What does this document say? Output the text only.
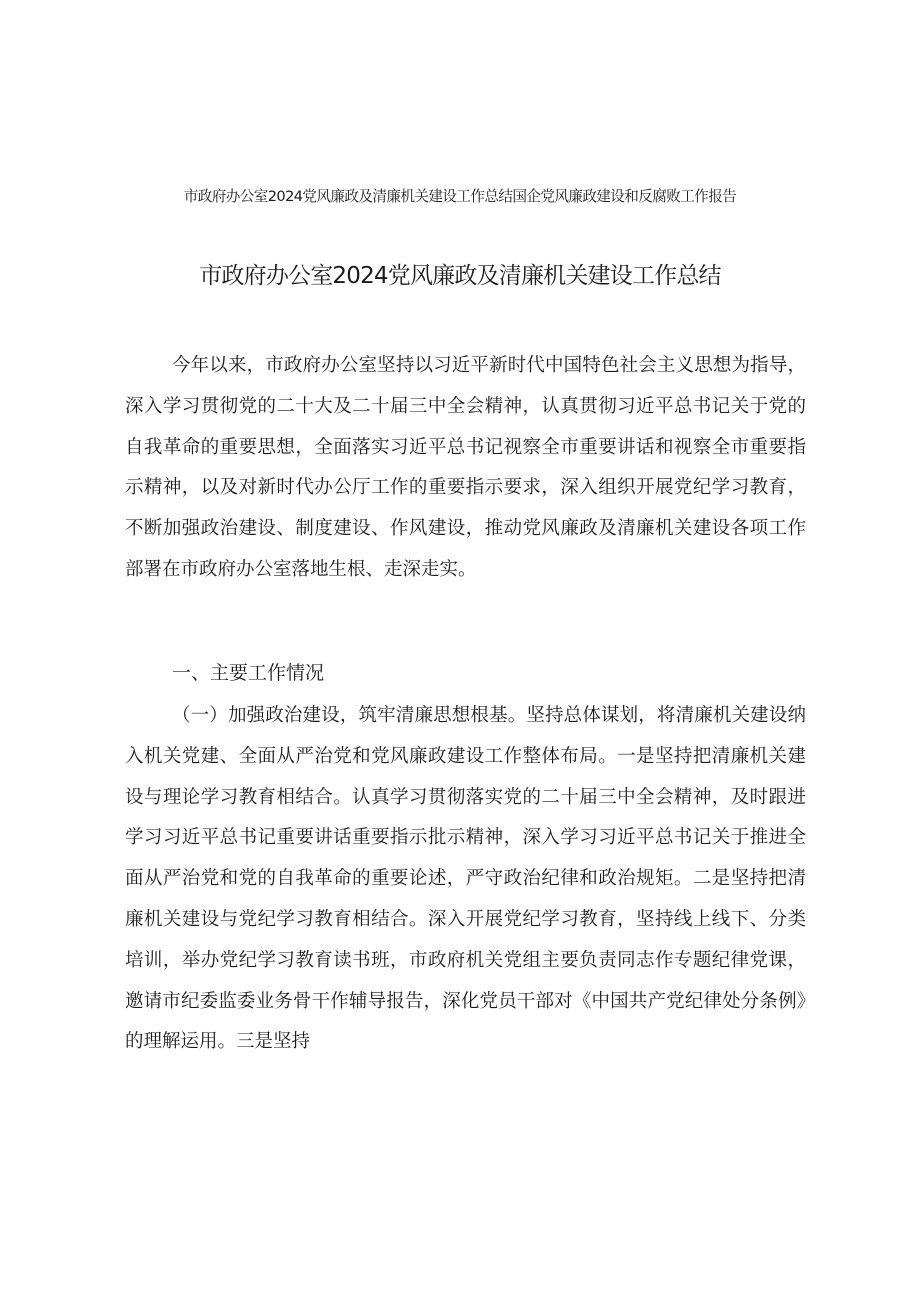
市政府办公室2024党风廉政及清廉机关建设工作总结国企党风廉政建设和反腐败工作报告
市政府办公室2024党风廉政及清廉机关建设工作总结

今年以来，市政府办公室坚持以习近平新时代中国特色社会主义思想为指导，深入学习贯彻党的二十大及二十届三中全会精神，认真贯彻习近平总书记关于党的自我革命的重要思想，全面落实习近平总书记视察全市重要讲话和视察全市重要指示精神，以及对新时代办公厅工作的重要指示要求，深入组织开展党纪学习教育，不断加强政治建设、制度建设、作风建设，推动党风廉政及清廉机关建设各项工作部署在市政府办公室落地生根、走深走实。

一、主要工作情况

（一）加强政治建设，筑牢清廉思想根基。坚持总体谋划，将清廉机关建设纳入机关党建、全面从严治党和党风廉政建设工作整体布局。一是坚持把清廉机关建设与理论学习教育相结合。认真学习贯彻落实党的二十届三中全会精神，及时跟进学习习近平总书记重要讲话重要指示批示精神，深入学习习近平总书记关于推进全面从严治党和党的自我革命的重要论述，严守政治纪律和政治规矩。二是坚持把清廉机关建设与党纪学习教育相结合。深入开展党纪学习教育，坚持线上线下、分类培训，举办党纪学习教育读书班，市政府机关党组主要负责同志作专题纪律党课，邀请市纪委监委业务骨干作辅导报告，深化党员干部对《中国共产党纪律处分条例》的理解运用。三是坚持
